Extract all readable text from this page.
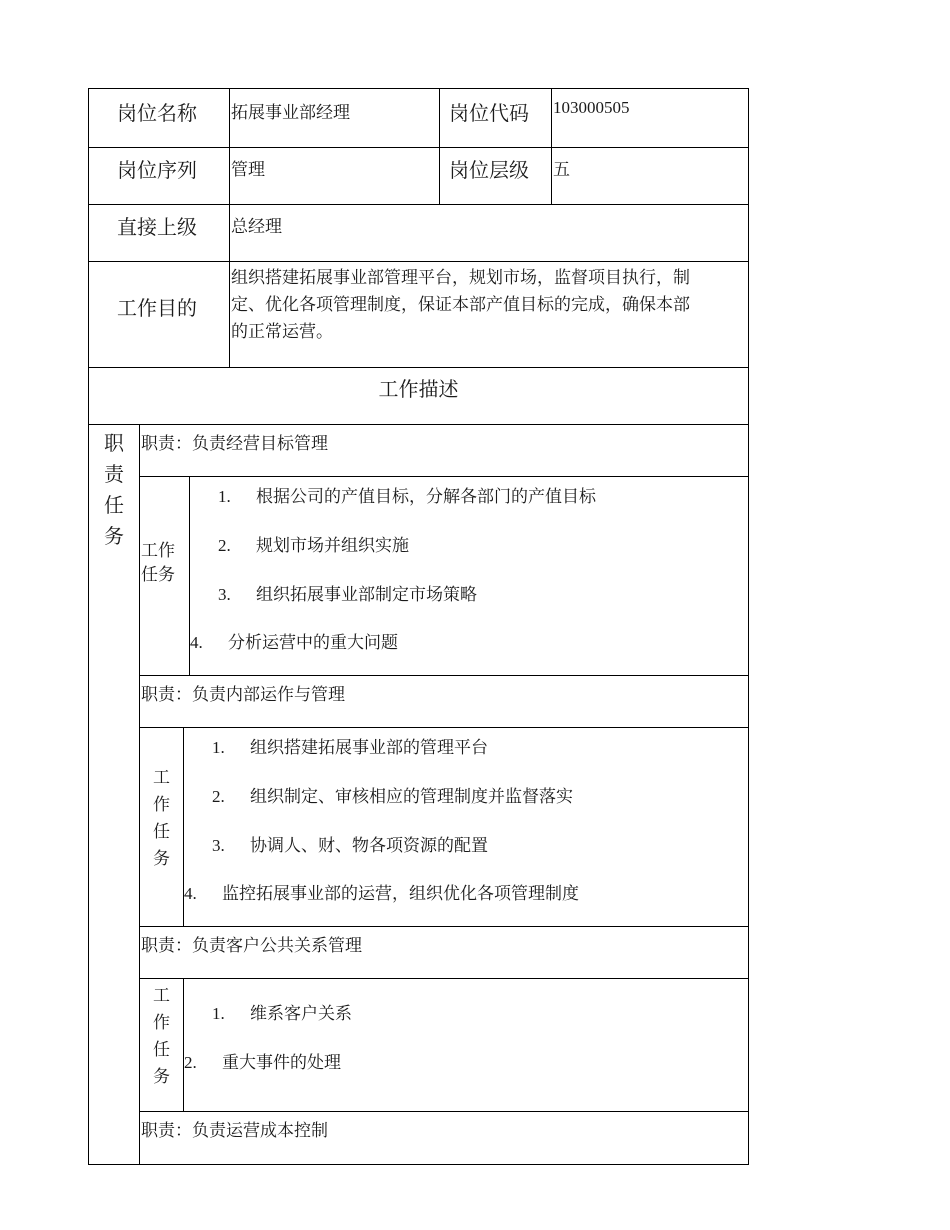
岗位名称 拓展事业部经理	岗位代码 103000505
岗位序列 管理	岗位层级 五
直接上级 总经理
工作目的
组织搭建拓展事业部管理平台，规划市场，监督项目执行，制
定、优化各项管理制度，保证本部产值目标的完成，确保本部
的正常运营。
工作描述
职
责
任
务
职责：负责经营目标管理
工作任务
1. 根据公司的产值目标，分解各部门的产值目标
2. 规划市场并组织实施
3. 组织拓展事业部制定市场策略
4. 分析运营中的重大问题
职责：负责内部运作与管理
工
作
任
务
1. 组织搭建拓展事业部的管理平台
2. 组织制定、审核相应的管理制度并监督落实
3. 协调人、财、物各项资源的配置
4. 监控拓展事业部的运营，组织优化各项管理制度
职责：负责客户公共关系管理
工
作
任
务
1. 维系客户关系
2. 重大事件的处理
职责：负责运营成本控制
